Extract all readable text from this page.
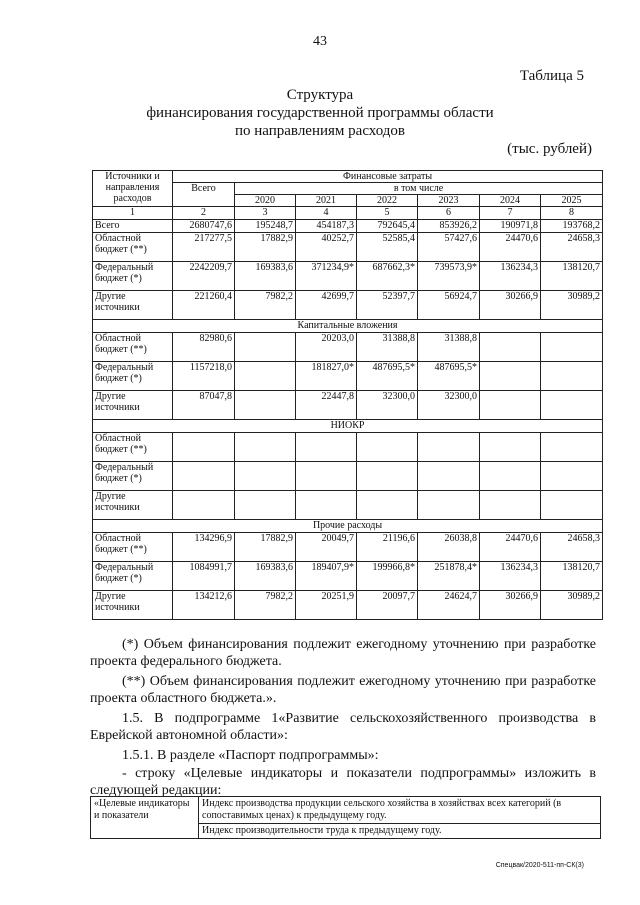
43
Таблица 5
Структура
финансирования государственной программы области
по направлениям расходов
(тыс. рублей)
Источники и направления расходов	Финансовые затраты						
	Всего	в том числе					
		2020	2021	2022	2023	2024	2025
1	2	3	4	5	6	7	8
Всего	2680747,6	195248,7	454187,3	792645,4	853926,2	190971,8	193768,2
Областной бюджет (**)	217277,5	17882,9	40252,7	52585,4	57427,6	24470,6	24658,3
Федеральный бюджет (*)	2242209,7	169383,6	371234,9*	687662,3*	739573,9*	136234,3	138120,7
Другие источники	221260,4	7982,2	42699,7	52397,7	56924,7	30266,9	30989,2
Капитальные вложения							
Областной бюджет (**)	82980,6		20203,0	31388,8	31388,8		
Федеральный бюджет (*)	1157218,0		181827,0*	487695,5*	487695,5*		
Другие источники	87047,8		22447,8	32300,0	32300,0		
НИОКР							
Областной бюджет (**)							
Федеральный бюджет (*)							
Другие источники							
Прочие расходы							
Областной бюджет (**)	134296,9	17882,9	20049,7	21196,6	26038,8	24470,6	24658,3
Федеральный бюджет (*)	1084991,7	169383,6	189407,9*	199966,8*	251878,4*	136234,3	138120,7
Другие источники	134212,6	7982,2	20251,9	20097,7	24624,7	30266,9	30989,2
(*) Объем финансирования подлежит ежегодному уточнению при разработке проекта федерального бюджета.
(**) Объем финансирования подлежит ежегодному уточнению при разработке проекта областного бюджета.».
1.5. В подпрограмме 1«Развитие сельскохозяйственного производства в Еврейской автономной области»:
1.5.1. В разделе «Паспорт подпрограммы»:
- строку «Целевые индикаторы и показатели подпрограммы» изложить в следующей редакции:
«Целевые индикаторы и показатели	Индекс производства продукции сельского хозяйства в хозяйствах всех категорий (в сопоставимых ценах) к предыдущему году.
Индекс производительности труда к предыдущему году.
Cпецвак/2020-511-пп-СК(3)
